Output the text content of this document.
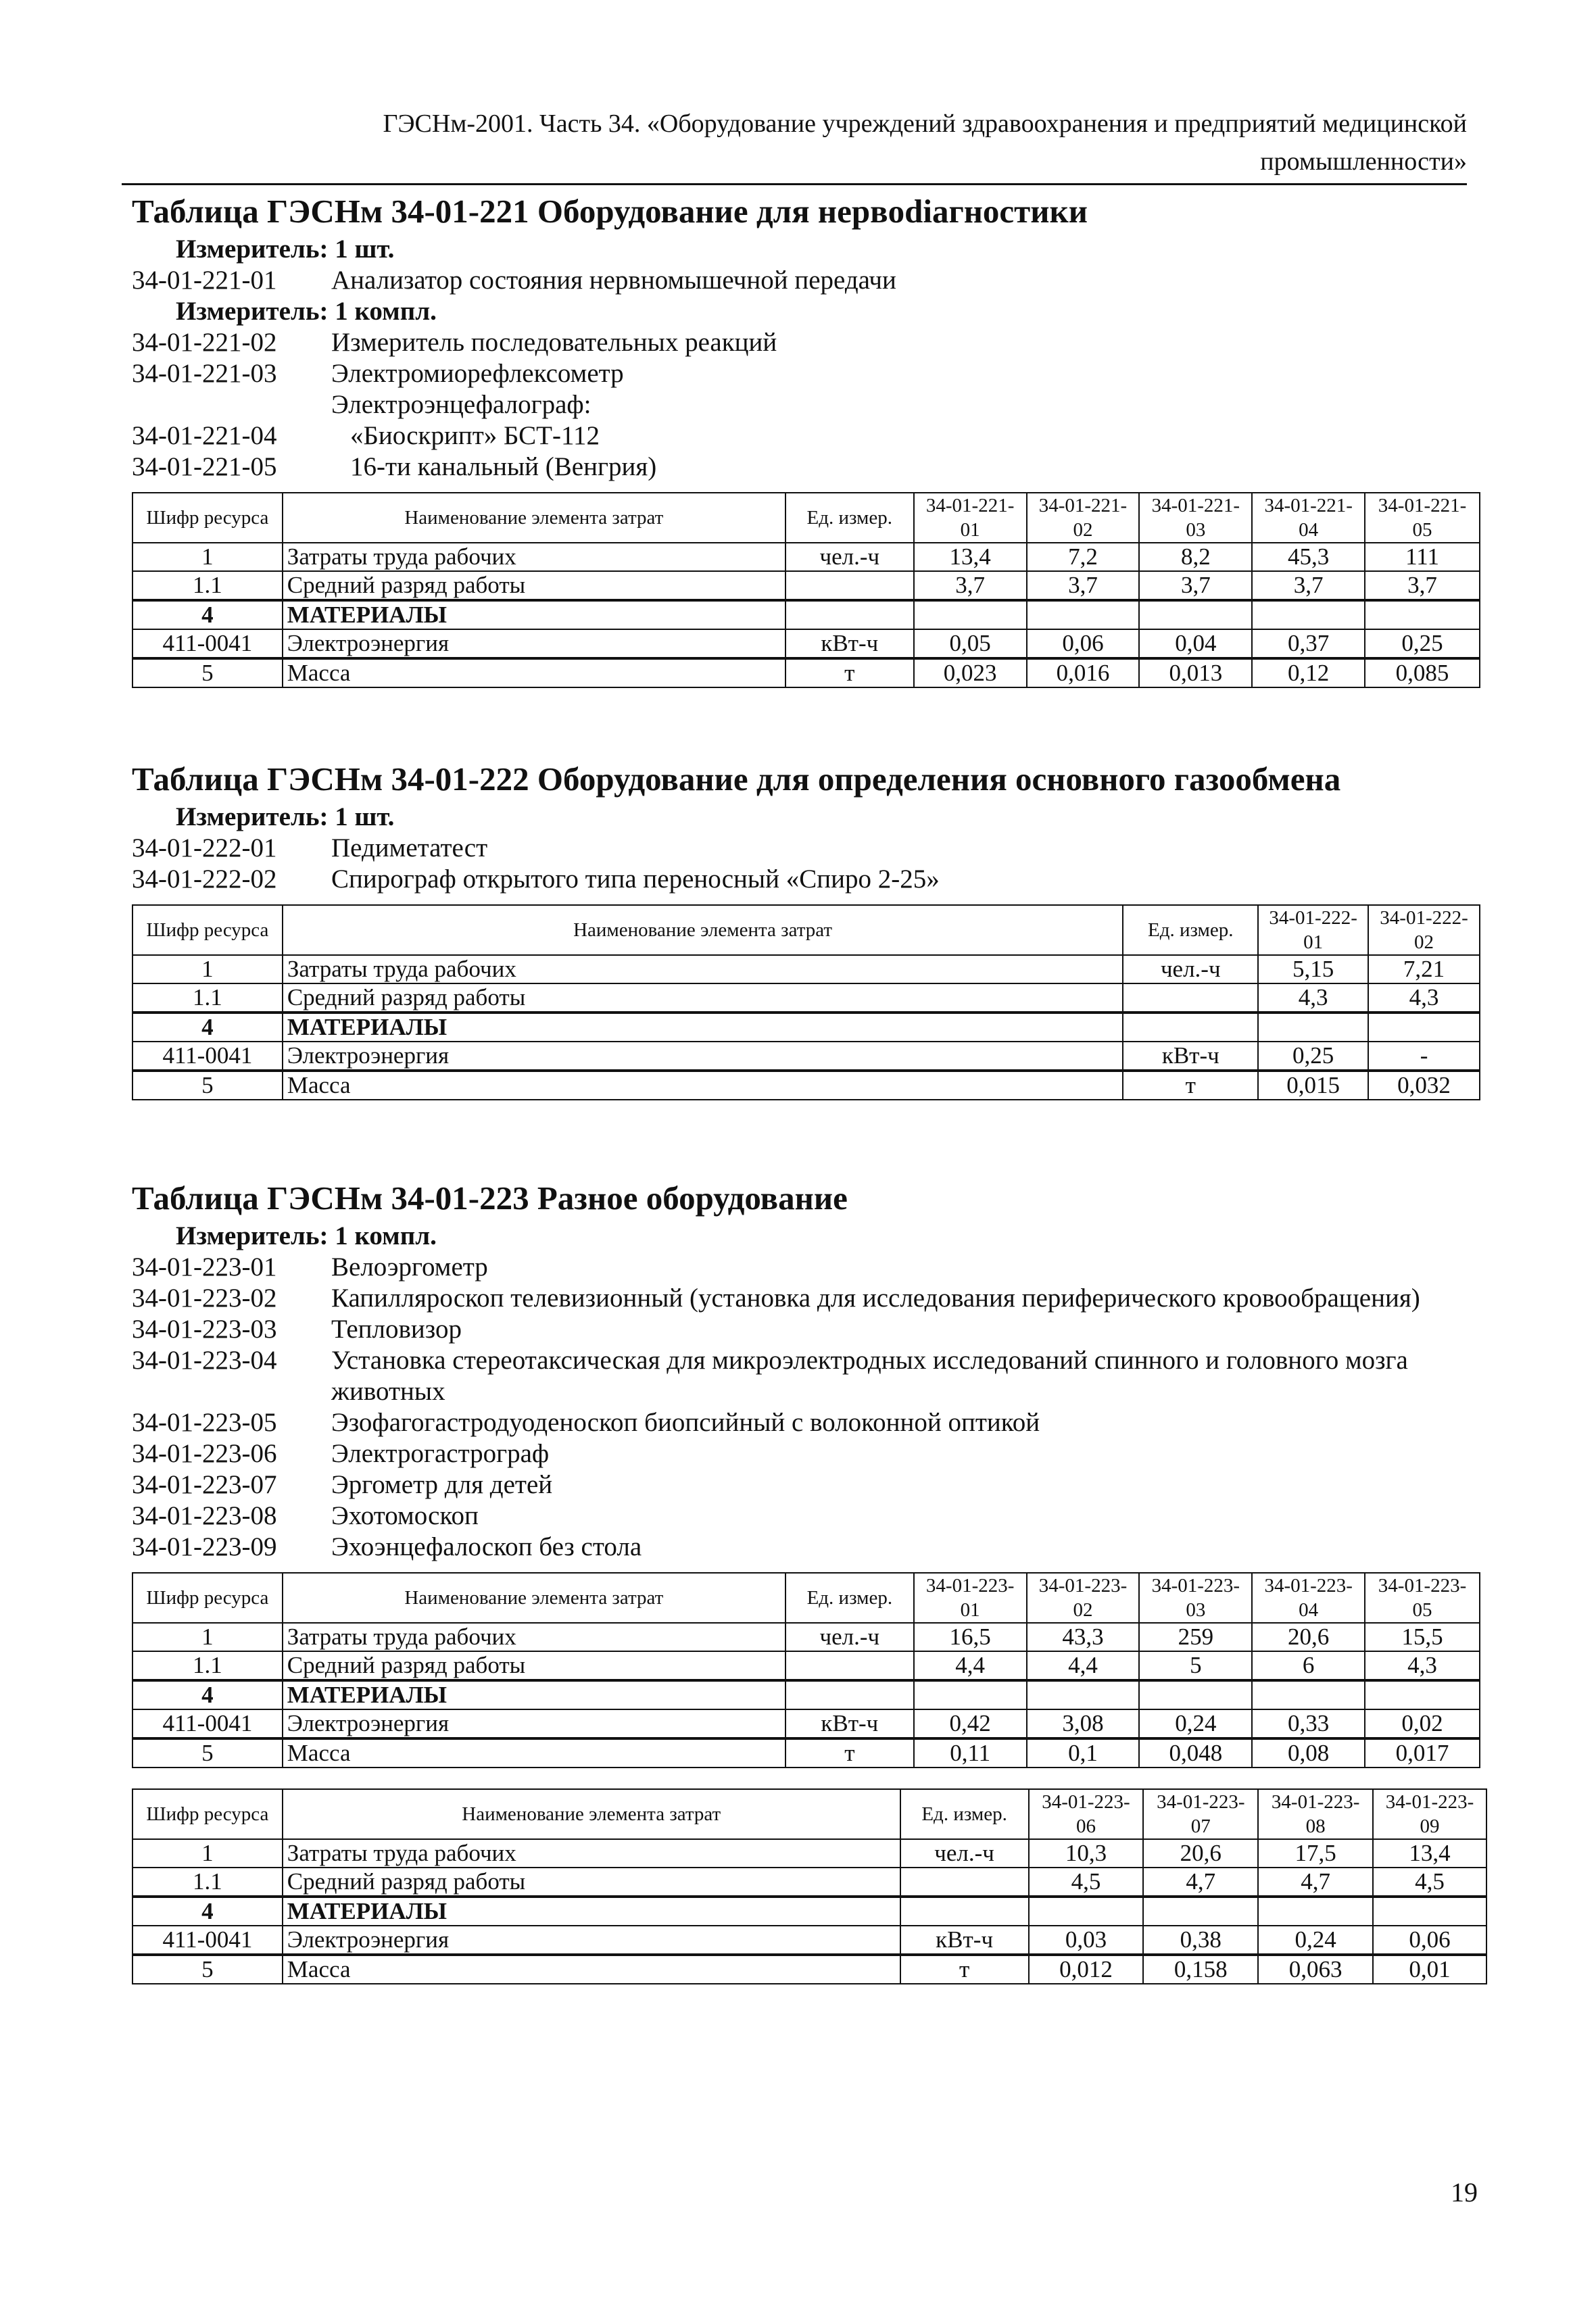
ГЭСНм-2001. Часть 34. «Оборудование учреждений здравоохранения и предприятий медицинской
промышленности»
Таблица ГЭСНм 34-01-221 Оборудование для нервodiагностики
Измеритель: 1 шт.
34-01-221-01	Анализатор состояния нервномышечной передачи
Измеритель: 1 компл.
34-01-221-02	Измеритель последовательных реакций
34-01-221-03	Электромиорефлексометр
Электроэнцефалограф:
34-01-221-04	«Биоскрипт» БСТ-112
34-01-221-05	16-ти канальный (Венгрия)
Шифр ресурса	Наименование элемента затрат	Ед. измер.	34-01-221-01	34-01-221-02	34-01-221-03	34-01-221-04	34-01-221-05
1	Затраты труда рабочих	чел.-ч	13,4	7,2	8,2	45,3	111
1.1	Средний разряд работы		3,7	3,7	3,7	3,7	3,7
4	МАТЕРИАЛЫ						
411-0041	Электроэнергия	кВт-ч	0,05	0,06	0,04	0,37	0,25
5	Масса	т	0,023	0,016	0,013	0,12	0,085
Таблица ГЭСНм 34-01-222 Оборудование для определения основного газообмена
Измеритель: 1 шт.
34-01-222-01	Педиметатест
34-01-222-02	Спирограф открытого типа переносный «Спиро 2-25»
Шифр ресурса	Наименование элемента затрат	Ед. измер.	34-01-222-01	34-01-222-02
1	Затраты труда рабочих	чел.-ч	5,15	7,21
1.1	Средний разряд работы		4,3	4,3
4	МАТЕРИАЛЫ			
411-0041	Электроэнергия	кВт-ч	0,25	-
5	Масса	т	0,015	0,032
Таблица ГЭСНм 34-01-223 Разное оборудование
Измеритель: 1 компл.
34-01-223-01	Велоэргометр
34-01-223-02	Капилляроскоп телевизионный (установка для исследования периферического кровообращения)
34-01-223-03	Тепловизор
34-01-223-04	Установка стереотаксическая для микроэлектродных исследований спинного и головного мозга животных
34-01-223-05	Эзофагогастродуоденоскоп биопсийный с волоконной оптикой
34-01-223-06	Электрогастрограф
34-01-223-07	Эргометр для детей
34-01-223-08	Эхотомоскоп
34-01-223-09	Эхоэнцефалоскоп без стола
Шифр ресурса	Наименование элемента затрат	Ед. измер.	34-01-223-01	34-01-223-02	34-01-223-03	34-01-223-04	34-01-223-05
1	Затраты труда рабочих	чел.-ч	16,5	43,3	259	20,6	15,5
1.1	Средний разряд работы		4,4	4,4	5	6	4,3
4	МАТЕРИАЛЫ						
411-0041	Электроэнергия	кВт-ч	0,42	3,08	0,24	0,33	0,02
5	Масса	т	0,11	0,1	0,048	0,08	0,017
Шифр ресурса	Наименование элемента затрат	Ед. измер.	34-01-223-06	34-01-223-07	34-01-223-08	34-01-223-09
1	Затраты труда рабочих	чел.-ч	10,3	20,6	17,5	13,4
1.1	Средний разряд работы		4,5	4,7	4,7	4,5
4	МАТЕРИАЛЫ					
411-0041	Электроэнергия	кВт-ч	0,03	0,38	0,24	0,06
5	Масса	т	0,012	0,158	0,063	0,01
19
